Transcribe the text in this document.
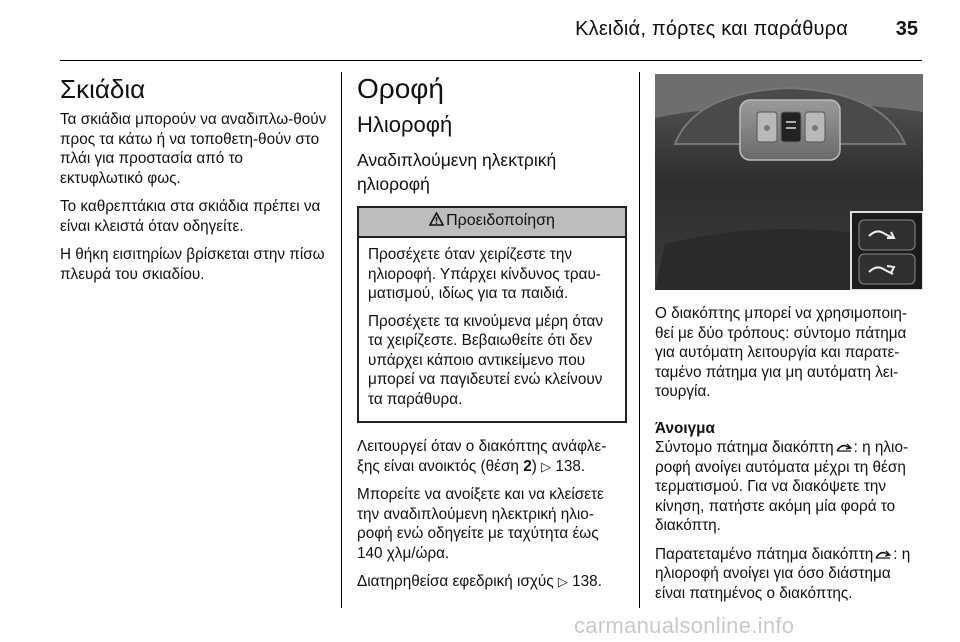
Κλειδιά, πόρτες και παράθυρα 35
Σκιάδια

Τα σκιάδια μπορούν να αναδιπλω-θούν προς τα κάτω ή να τοποθετη-θούν στο πλάι για προστασία από το εκτυφλωτικό φως.

Το καθρεπτάκια στα σκιάδια πρέπει να είναι κλειστά όταν οδηγείτε.

Η θήκη εισιτηρίων βρίσκεται στην πίσω πλευρά του σκιαδίου.

Οροφή
Ηλιοροφή
Αναδιπλούμενη ηλεκτρική ηλιοροφή
Προειδοποίηση

Προσέχετε όταν χειρίζεστε την ηλιοροφή. Υπάρχει κίνδυνος τραυ-ματισμού, ιδίως για τα παιδιά.

Προσέχετε τα κινούμενα μέρη όταν τα χειρίζεστε. Βεβαιωθείτε ότι δεν υπάρχει κάποιο αντικείμενο που μπορεί να παγιδευτεί ενώ κλείνουν τα παράθυρα.

Λειτουργεί όταν ο διακόπτης ανάφλε-ξης είναι ανοικτός (θέση 2) ▷ 138.

Μπορείτε να ανοίξετε και να κλείσετε την αναδιπλούμενη ηλεκτρική ηλιο-ροφή ενώ οδηγείτε με ταχύτητα έως 140 χλμ/ώρα.

Διατηρηθείσα εφεδρική ισχύς ▷ 138.

Ο διακόπτης μπορεί να χρησιμοποιη-θεί με δύο τρόπους: σύντομο πάτημα για αυτόματη λειτουργία και παρατε-ταμένο πάτημα για μη αυτόματη λει-τουργία.

Άνοιγμα

Σύντομο πάτημα διακόπτη : η ηλιο-ροφή ανοίγει αυτόματα μέχρι τη θέση τερματισμού. Για να διακόψετε την κίνηση, πατήστε ακόμη μία φορά το διακόπτη.

Παρατεταμένο πάτημα διακόπτη : η ηλιοροφή ανοίγει για όσο διάστημα είναι πατημένος ο διακόπτης.

carmanualsonline.info
